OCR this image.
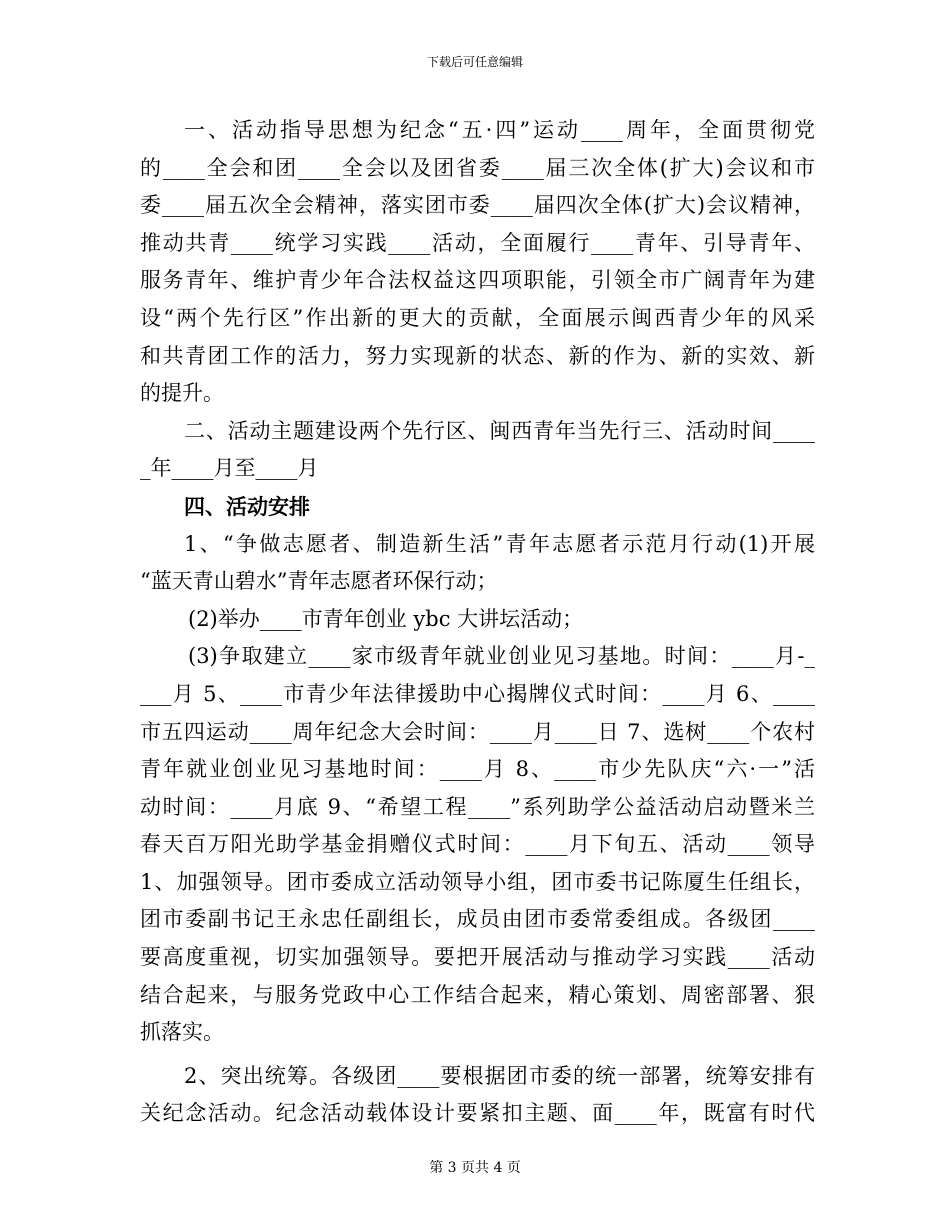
下载后可任意编辑
一、活动指导思想为纪念“五·四”运动____周年，全面贯彻党
的____全会和团____全会以及团省委____届三次全体(扩大)会议和市
委____届五次全会精神，落实团市委____届四次全体(扩大)会议精神，
推动共青____统学习实践____活动，全面履行____青年、引导青年、
服务青年、维护青少年合法权益这四项职能，引领全市广阔青年为建
设“两个先行区”作出新的更大的贡献，全面展示闽西青少年的风采
和共青团工作的活力，努力实现新的状态、新的作为、新的实效、新
的提升。
二、活动主题建设两个先行区、闽西青年当先行三、活动时间____
_年____月至____月
四、活动安排
1、“争做志愿者、制造新生活”青年志愿者示范月行动(1)开展
“蓝天青山碧水”青年志愿者环保行动；
(2)举办____市青年创业 ybc 大讲坛活动；
(3)争取建立____家市级青年就业创业见习基地。时间：____月-_
___月 5、____市青少年法律援助中心揭牌仪式时间：____月 6、____
市五四运动____周年纪念大会时间：____月____日 7、选树____个农村
青年就业创业见习基地时间：____月 8、____市少先队庆“六·一”活
动时间：____月底 9、“希望工程____”系列助学公益活动启动暨米兰
春天百万阳光助学基金捐赠仪式时间：____月下旬五、活动____领导
1、加强领导。团市委成立活动领导小组，团市委书记陈厦生任组长，
团市委副书记王永忠任副组长，成员由团市委常委组成。各级团____
要高度重视，切实加强领导。要把开展活动与推动学习实践____活动
结合起来，与服务党政中心工作结合起来，精心策划、周密部署、狠
抓落实。
2、突出统筹。各级团____要根据团市委的统一部署，统筹安排有
关纪念活动。纪念活动载体设计要紧扣主题、面____年，既富有时代
第 3 页共 4 页
